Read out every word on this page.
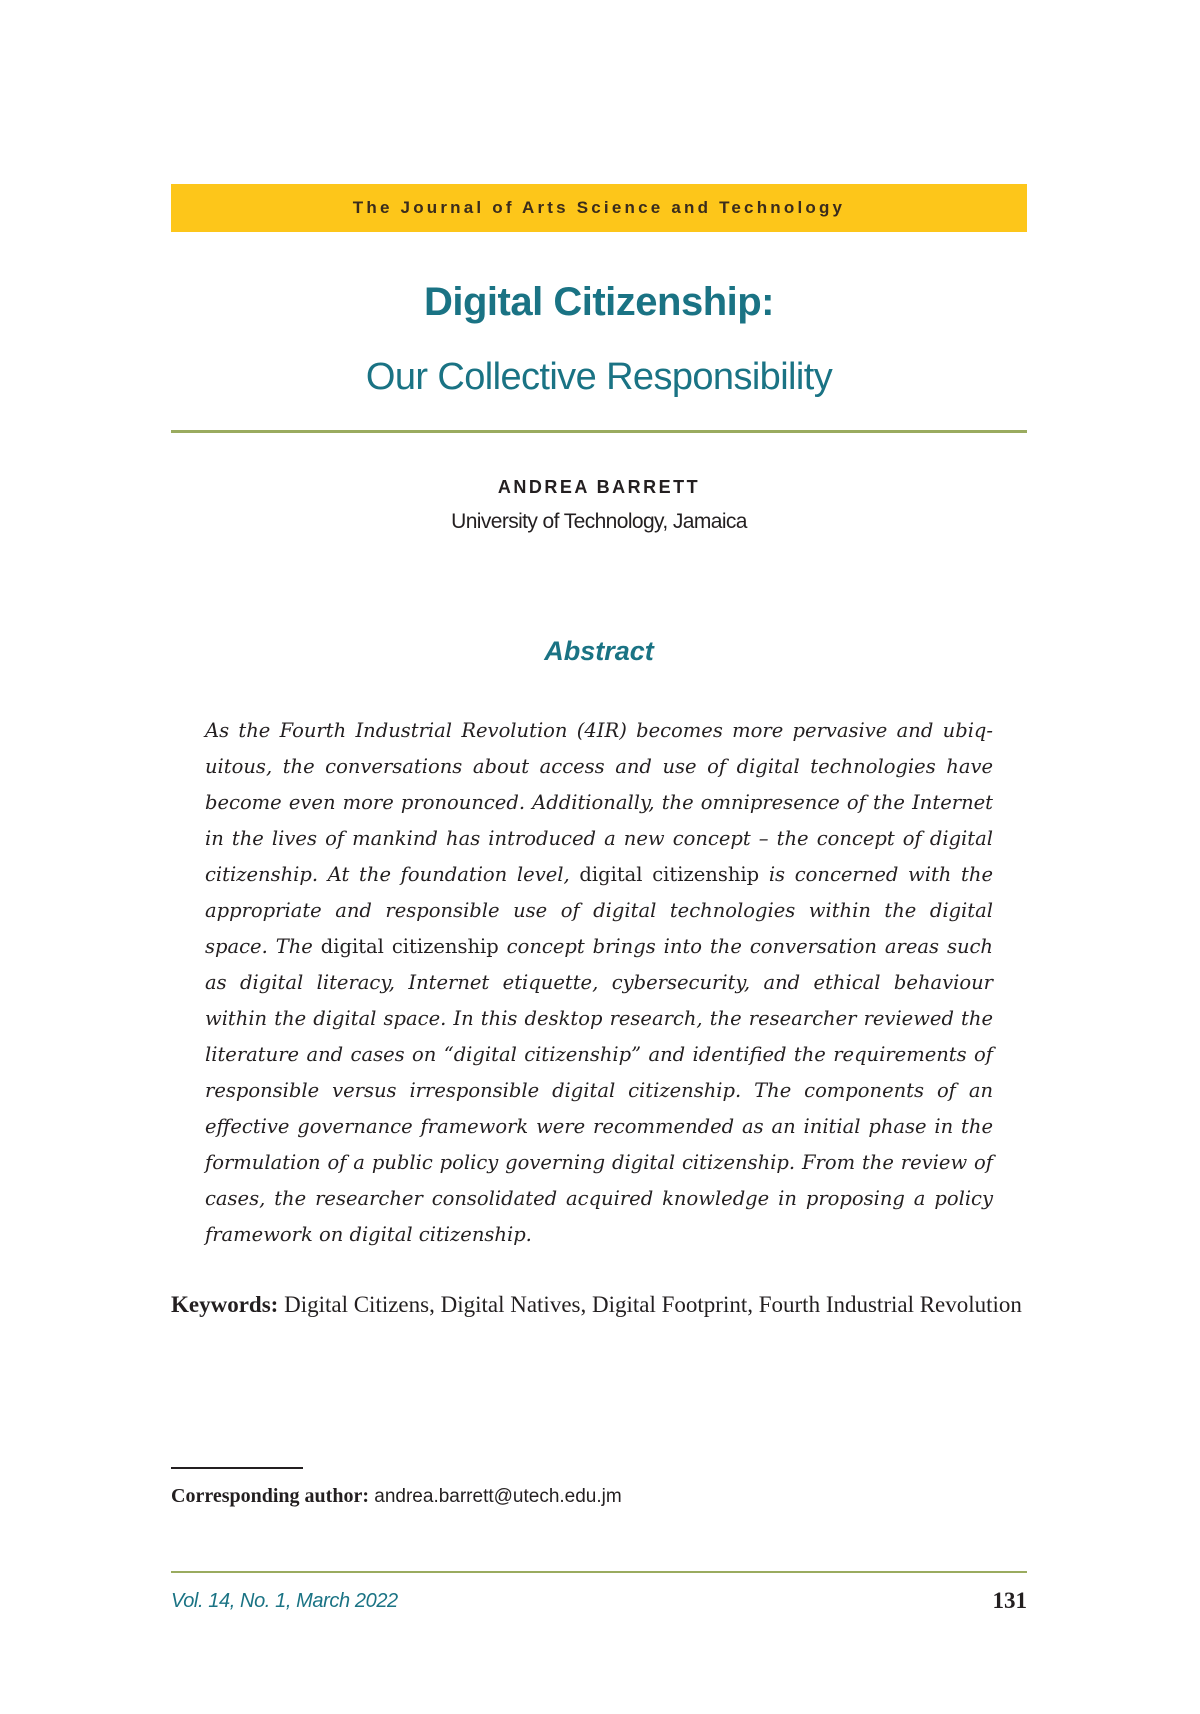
The Journal of Arts Science and Technology
Digital Citizenship:
Our Collective Responsibility
ANDREA BARRETT
University of Technology, Jamaica
Abstract
As the Fourth Industrial Revolution (4IR) becomes more pervasive and ubiq-uitous, the conversations about access and use of digital technologies have become even more pronounced. Additionally, the omnipresence of the Internet in the lives of mankind has introduced a new concept – the concept of digital citizenship. At the foundation level, digital citizenship is concerned with the appropriate and responsible use of digital technologies within the digital space. The digital citizenship concept brings into the conversation areas such as digital literacy, Internet etiquette, cybersecurity, and ethical behaviour within the digital space. In this desktop research, the researcher reviewed the literature and cases on “digital citizenship” and identified the requirements of responsible versus irresponsible digital citizenship. The components of an effective governance framework were recommended as an initial phase in the formulation of a public policy governing digital citizenship. From the review of cases, the researcher consolidated acquired knowledge in proposing a policy framework on digital citizenship.
Keywords: Digital Citizens, Digital Natives, Digital Footprint, Fourth Industrial Revolution
Corresponding author: andrea.barrett@utech.edu.jm
Vol. 14, No. 1, March 2022	131
